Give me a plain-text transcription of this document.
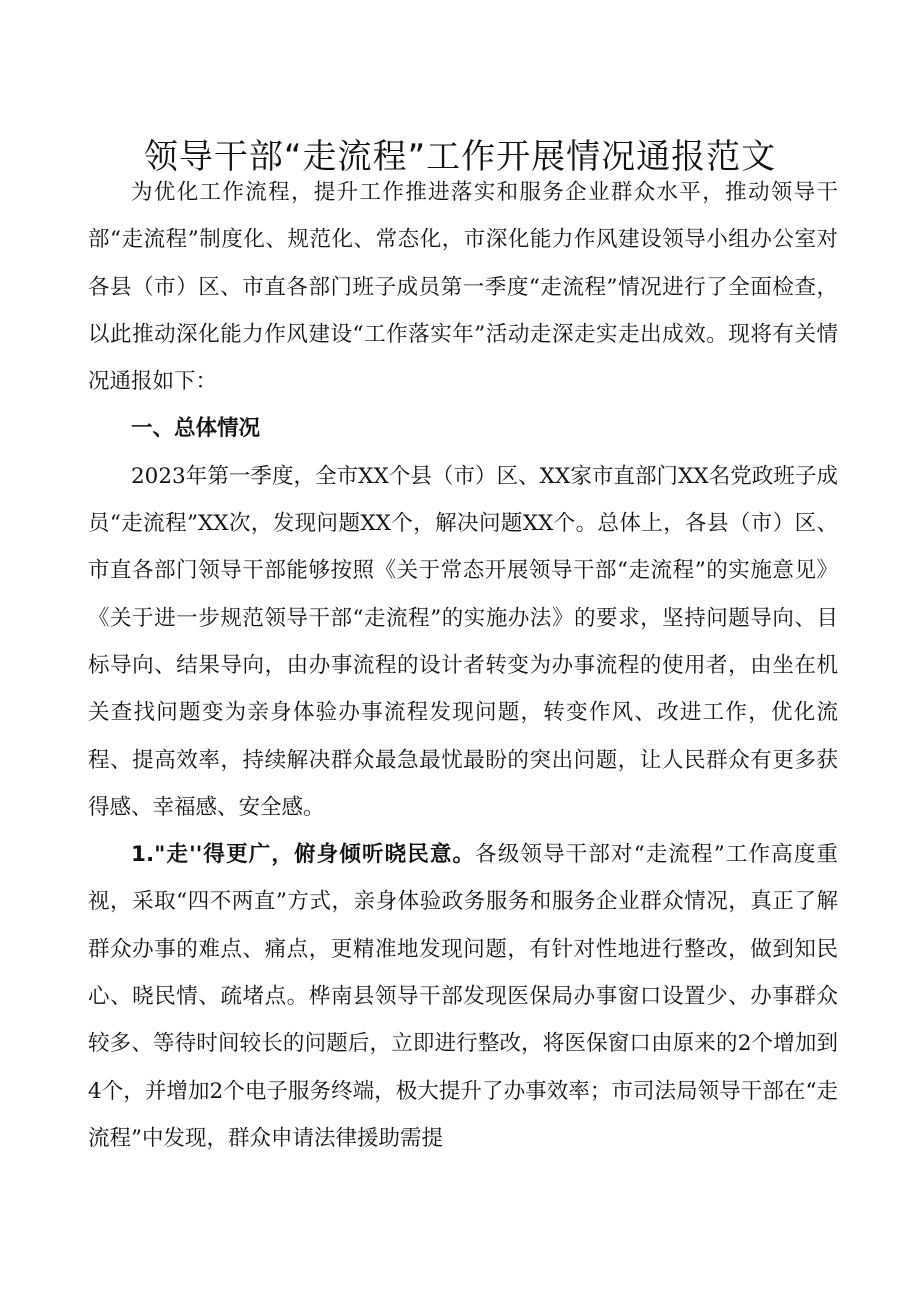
领导干部“走流程”工作开展情况通报范文

为优化工作流程，提升工作推进落实和服务企业群众水平，推动领导干部“走流程”制度化、规范化、常态化，市深化能力作风建设领导小组办公室对各县（市）区、市直各部门班子成员第一季度“走流程”情况进行了全面检查，以此推动深化能力作风建设“工作落实年”活动走深走实走出成效。现将有关情况通报如下：

一、总体情况

2023年第一季度，全市XX个县（市）区、XX家市直部门XX名党政班子成员“走流程”XX次，发现问题XX个，解决问题XX个。总体上，各县（市）区、市直各部门领导干部能够按照《关于常态开展领导干部“走流程”的实施意见》《关于进一步规范领导干部“走流程”的实施办法》的要求，坚持问题导向、目标导向、结果导向，由办事流程的设计者转变为办事流程的使用者，由坐在机关查找问题变为亲身体验办事流程发现问题，转变作风、改进工作，优化流程、提高效率，持续解决群众最急最忧最盼的突出问题，让人民群众有更多获得感、幸福感、安全感。

1."走''得更广，俯身倾听晓民意。各级领导干部对“走流程”工作高度重视，采取“四不两直”方式，亲身体验政务服务和服务企业群众情况，真正了解群众办事的难点、痛点，更精准地发现问题，有针对性地进行整改，做到知民心、晓民情、疏堵点。桦南县领导干部发现医保局办事窗口设置少、办事群众较多、等待时间较长的问题后，立即进行整改，将医保窗口由原来的2个增加到4个，并增加2个电子服务终端，极大提升了办事效率；市司法局领导干部在“走流程”中发现，群众申请法律援助需提
